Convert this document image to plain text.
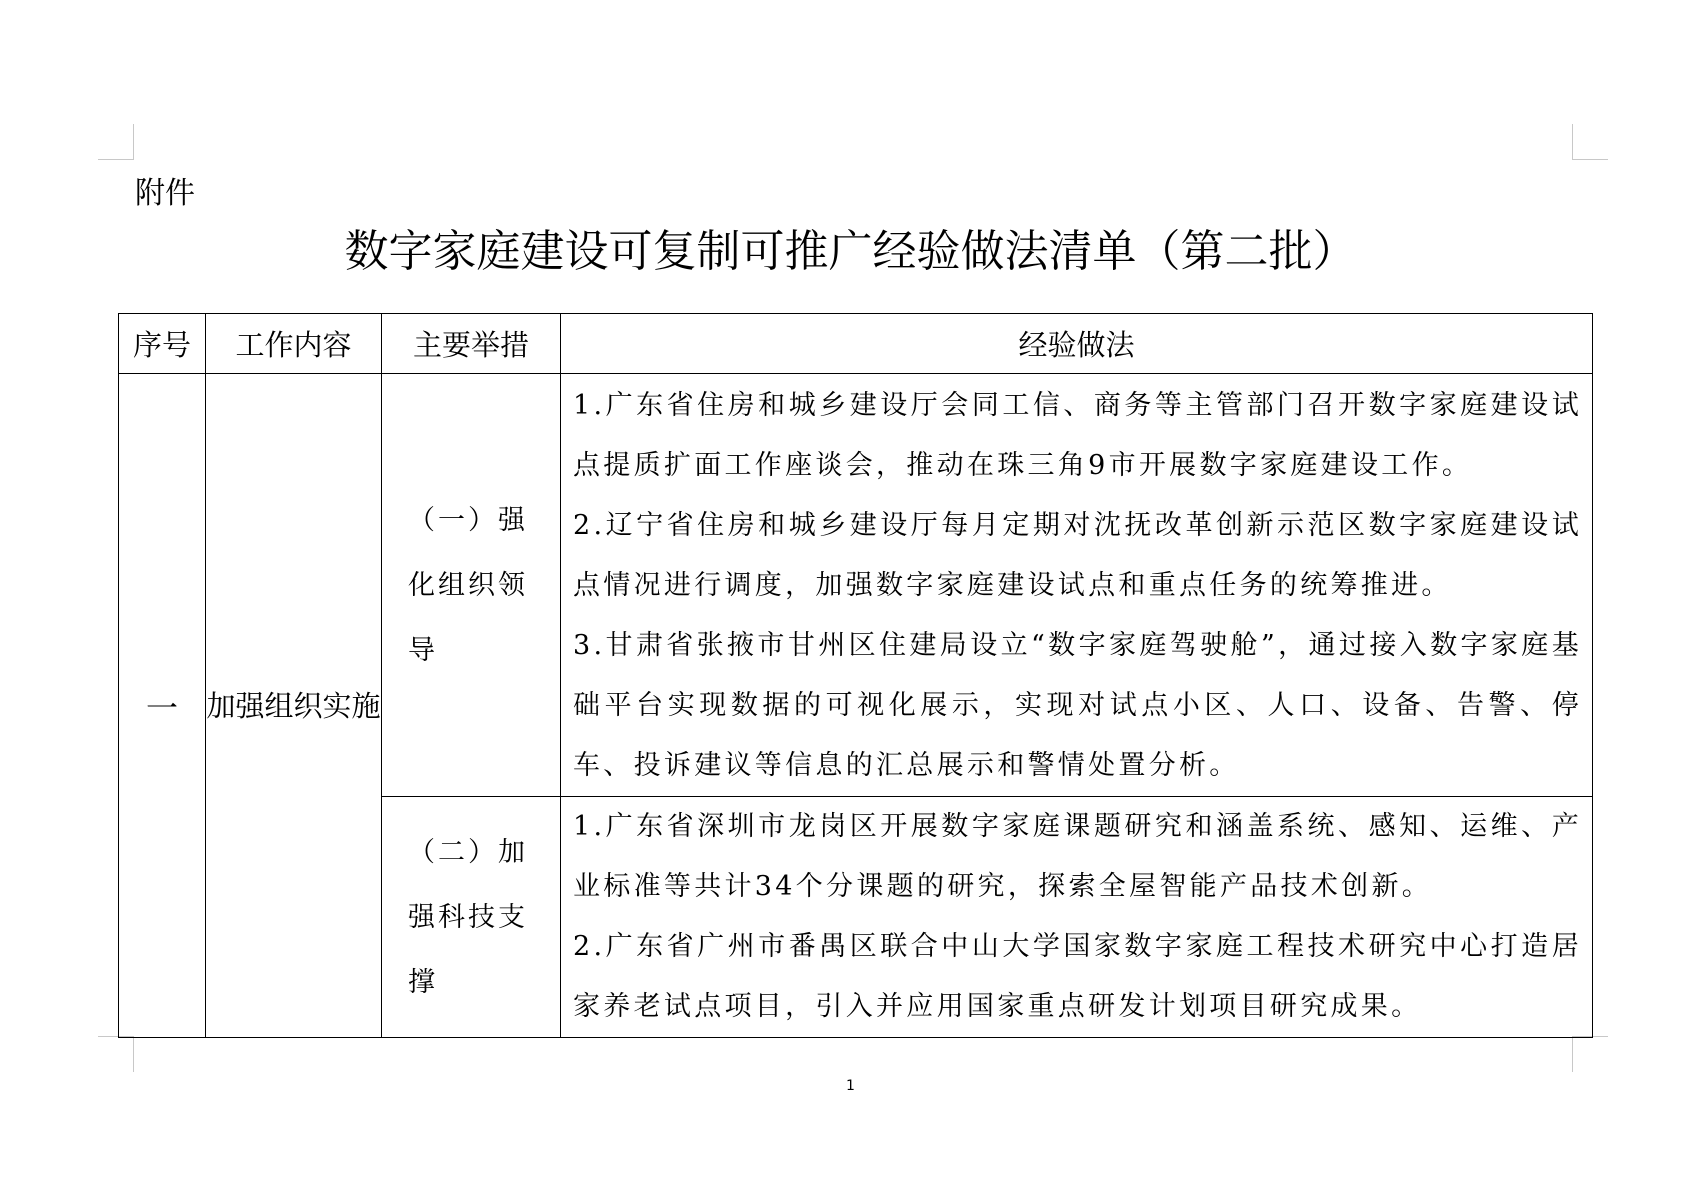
附件
数字家庭建设可复制可推广经验做法清单（第二批）
序号	工作内容	主要举措	经验做法
一	加强组织实施	（一）强化组织领导	1.广东省住房和城乡建设厅会同工信、商务等主管部门召开数字家庭建设试点提质扩面工作座谈会，推动在珠三角9市开展数字家庭建设工作。
2.辽宁省住房和城乡建设厅每月定期对沈抚改革创新示范区数字家庭建设试点情况进行调度，加强数字家庭建设试点和重点任务的统筹推进。
3.甘肃省张掖市甘州区住建局设立“数字家庭驾驶舱”，通过接入数字家庭基础平台实现数据的可视化展示，实现对试点小区、人口、设备、告警、停车、投诉建议等信息的汇总展示和警情处置分析。

		（二）加强科技支撑	1.广东省深圳市龙岗区开展数字家庭课题研究和涵盖系统、感知、运维、产业标准等共计34个分课题的研究，探索全屋智能产品技术创新。
2.广东省广州市番禺区联合中山大学国家数字家庭工程技术研究中心打造居家养老试点项目，引入并应用国家重点研发计划项目研究成果。
1
